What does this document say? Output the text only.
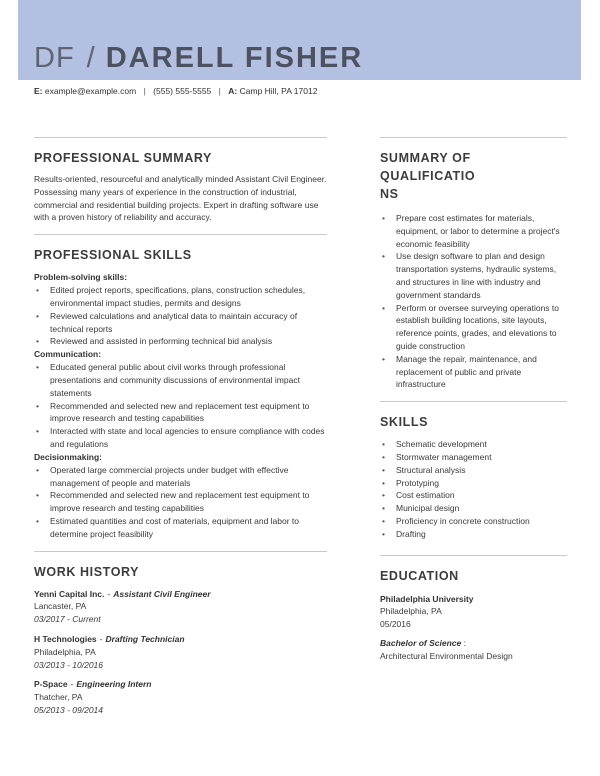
DF / DARELL FISHER
E: example@example.com | (555) 555-5555 | A: Camp Hill, PA 17012
PROFESSIONAL SUMMARY

Results-oriented, resourceful and analytically minded Assistant Civil Engineer. Possessing many years of experience in the construction of industrial, commercial and residential building projects. Expert in drafting software use with a proven history of reliability and accuracy.

PROFESSIONAL SKILLS
Problem-solving skills:
• Edited project reports, specifications, plans, construction schedules, environmental impact studies, permits and designs
• Reviewed calculations and analytical data to maintain accuracy of technical reports
• Reviewed and assisted in performing technical bid analysis
Communication:
• Educated general public about civil works through professional presentations and community discussions of environmental impact statements
• Recommended and selected new and replacement test equipment to improve research and testing capabilities
• Interacted with state and local agencies to ensure compliance with codes and regulations
Decisionmaking:
• Operated large commercial projects under budget with effective management of people and materials
• Recommended and selected new and replacement test equipment to improve research and testing capabilities
• Estimated quantities and cost of materials, equipment and labor to determine project feasibility
WORK HISTORY
Yenni Capital Inc. - Assistant Civil Engineer
Lancaster, PA
03/2017 - Current
H Technologies - Drafting Technician
Philadelphia, PA
03/2013 - 10/2016
P-Space - Engineering Intern
Thatcher, PA
05/2013 - 09/2014
SUMMARY OF QUALIFICATIO
NS
• Prepare cost estimates for materials, equipment, or labor to determine a project's economic feasibility
• Use design software to plan and design transportation systems, hydraulic systems, and structures in line with industry and government standards
• Perform or oversee surveying operations to establish building locations, site layouts, reference points, grades, and elevations to guide construction
• Manage the repair, maintenance, and replacement of public and private infrastructure
SKILLS
• Schematic development
• Stormwater management
• Structural analysis
• Prototyping
• Cost estimation
• Municipal design
• Proficiency in concrete construction
• Drafting
EDUCATION
Philadelphia University
Philadelphia, PA
05/2016
Bachelor of Science :
Architectural Environmental Design
